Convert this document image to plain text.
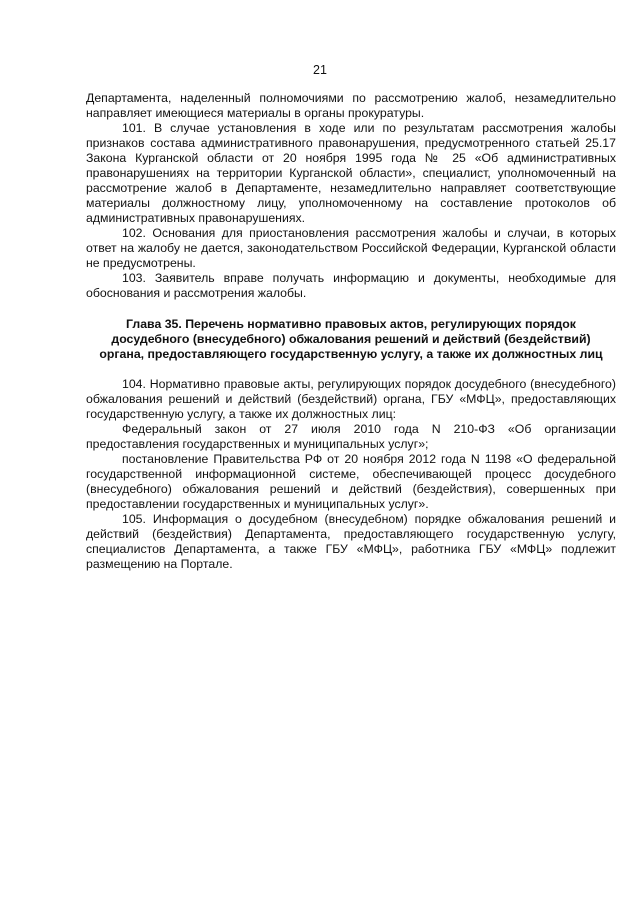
21

Департамента, наделенный полномочиями по рассмотрению жалоб, незамедлительно направляет имеющиеся материалы в органы прокуратуры.

101. В случае установления в ходе или по результатам рассмотрения жалобы признаков состава административного правонарушения, предусмотренного статьей 25.17 Закона Курганской области от 20 ноября 1995 года № 25 «Об административных правонарушениях на территории Курганской области», специалист, уполномоченный на рассмотрение жалоб в Департаменте, незамедлительно направляет соответствующие материалы должностному лицу, уполномоченному на составление протоколов об административных правонарушениях.

102. Основания для приостановления рассмотрения жалобы и случаи, в которых ответ на жалобу не дается, законодательством Российской Федерации, Курганской области не предусмотрены.

103. Заявитель вправе получать информацию и документы, необходимые для обоснования и рассмотрения жалобы.

Глава 35. Перечень нормативно правовых актов, регулирующих порядок
досудебного (внесудебного) обжалования решений и действий (бездействий)
органа, предоставляющего государственную услугу, а также их должностных лиц

104. Нормативно правовые акты, регулирующих порядок досудебного (внесудебного) обжалования решений и действий (бездействий) органа, ГБУ «МФЦ», предоставляющих государственную услугу, а также их должностных лиц:

Федеральный закон от 27 июля 2010 года N 210-ФЗ «Об организации предоставления государственных и муниципальных услуг»;

постановление Правительства РФ от 20 ноября 2012 года N 1198 «О федеральной государственной информационной системе, обеспечивающей процесс досудебного (внесудебного) обжалования решений и действий (бездействия), совершенных при предоставлении государственных и муниципальных услуг».

105. Информация о досудебном (внесудебном) порядке обжалования решений и действий (бездействия) Департамента, предоставляющего государственную услугу, специалистов Департамента, а также ГБУ «МФЦ», работника ГБУ «МФЦ» подлежит размещению на Портале.
